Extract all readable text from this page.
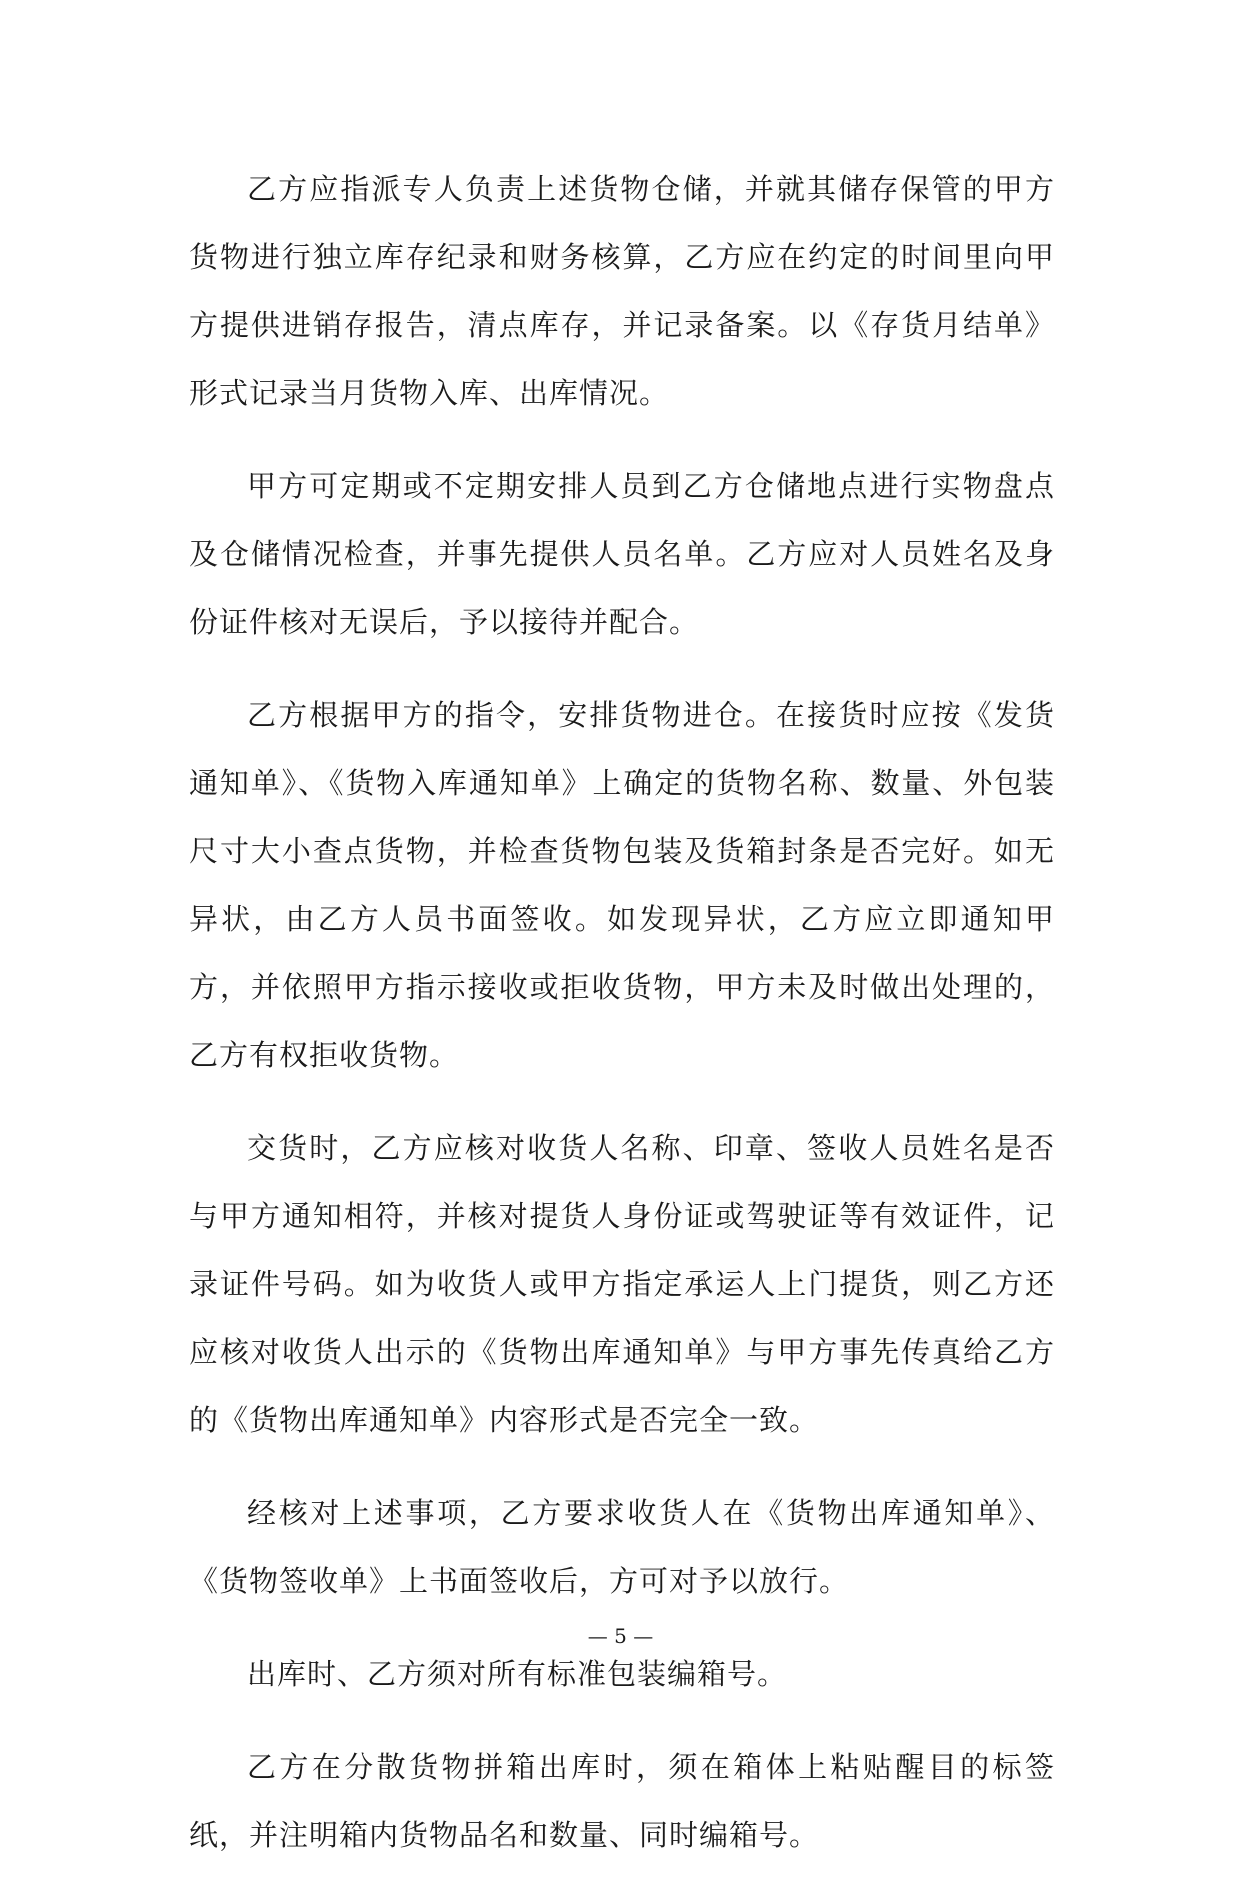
乙方应指派专人负责上述货物仓储，并就其储存保管的甲方货物进行独立库存纪录和财务核算，乙方应在约定的时间里向甲方提供进销存报告，清点库存，并记录备案。以《存货月结单》形式记录当月货物入库、出库情况。

甲方可定期或不定期安排人员到乙方仓储地点进行实物盘点及仓储情况检查，并事先提供人员名单。乙方应对人员姓名及身份证件核对无误后，予以接待并配合。

乙方根据甲方的指令，安排货物进仓。在接货时应按《发货通知单》、《货物入库通知单》上确定的货物名称、数量、外包装尺寸大小查点货物，并检查货物包装及货箱封条是否完好。如无异状，由乙方人员书面签收。如发现异状，乙方应立即通知甲方，并依照甲方指示接收或拒收货物，甲方未及时做出处理的，乙方有权拒收货物。

交货时，乙方应核对收货人名称、印章、签收人员姓名是否与甲方通知相符，并核对提货人身份证或驾驶证等有效证件，记录证件号码。如为收货人或甲方指定承运人上门提货，则乙方还应核对收货人出示的《货物出库通知单》与甲方事先传真给乙方的《货物出库通知单》内容形式是否完全一致。

经核对上述事项，乙方要求收货人在《货物出库通知单》、《货物签收单》上书面签收后，方可对予以放行。

出库时、乙方须对所有标准包装编箱号。

乙方在分散货物拼箱出库时，须在箱体上粘贴醒目的标签纸，并注明箱内货物品名和数量、同时编箱号。

— 5 —
